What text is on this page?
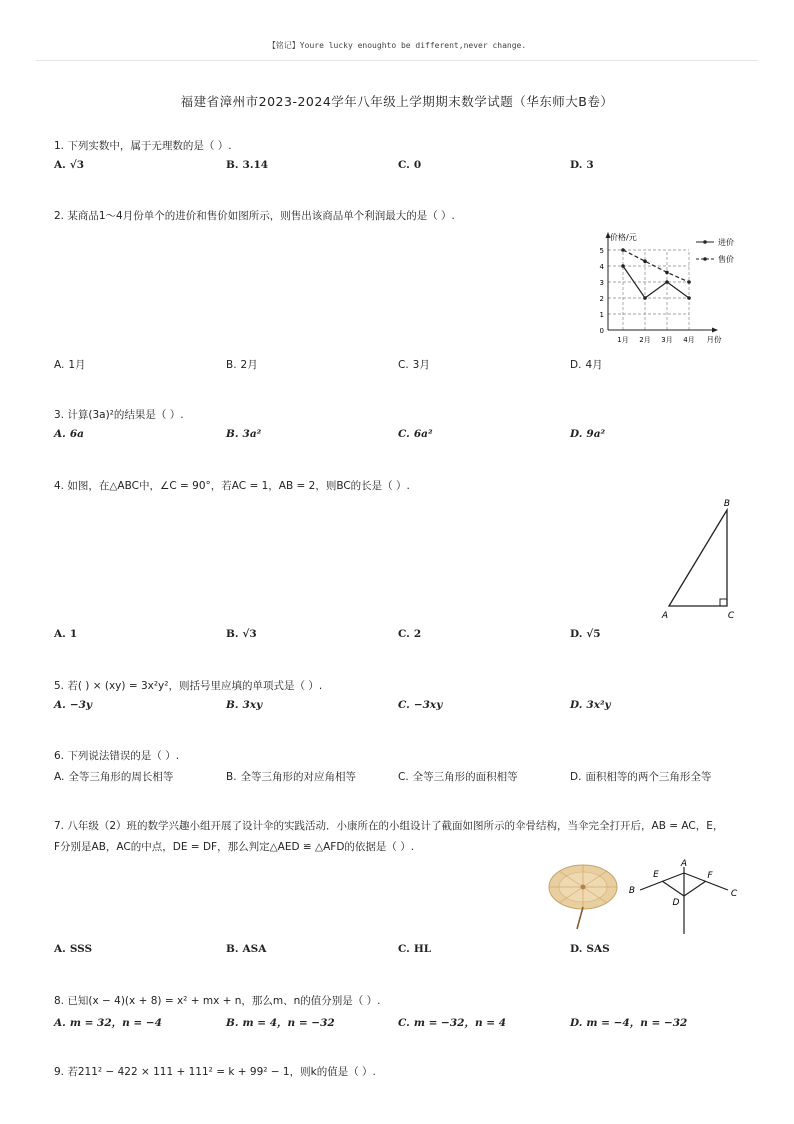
【铭记】Youre lucky enoughto be different,never change.
福建省漳州市2023-2024学年八年级上学期期末数学试题（华东师大B卷）
1. 下列实数中，属于无理数的是（ ）.
A. √3	B. 3.14	C. 0	D. 3
2. 某商品1～4月份单个的进价和售价如图所示，则售出该商品单个利润最大的是（ ）.
0
1
2
3
4
5
1月 2月 3月 4月 月份
价格/元
进价
售价
A. 1月	B. 2月	C. 3月	D. 4月
3. 计算(3a)²的结果是（ ）.
A. 6a	B. 3a²	C. 6a²	D. 9a²
4. 如图，在△ABC中，∠C = 90°，若AC = 1，AB = 2，则BC的长是（ ）.
B
A	C
A. 1	B. √3	C. 2	D. √5
5. 若( ) × (xy) = 3x²y²，则括号里应填的单项式是（ ）.
A. −3y	B. 3xy	C. −3xy	D. 3x²y
6. 下列说法错误的是（ ）.
A. 全等三角形的周长相等	B. 全等三角形的对应角相等	C. 全等三角形的面积相等	D. 面积相等的两个三角形全等
7. 八年级（2）班的数学兴趣小组开展了设计伞的实践活动．小康所在的小组设计了截面如图所示的伞骨结构，当伞完全打开后，AB = AC，E，
F分别是AB，AC的中点，DE = DF，那么判定△AED ≌ △AFD的依据是（ ）.
A
B	C
D
E	F
A. SSS	B. ASA	C. HL	D. SAS
8. 已知(x − 4)(x + 8) = x² + mx + n，那么m、n的值分别是（ ）.
A. m = 32，n = −4	B. m = 4，n = −32	C. m = −32，n = 4	D. m = −4，n = −32
9. 若211² − 422 × 111 + 111² = k + 99² − 1，则k的值是（ ）.
